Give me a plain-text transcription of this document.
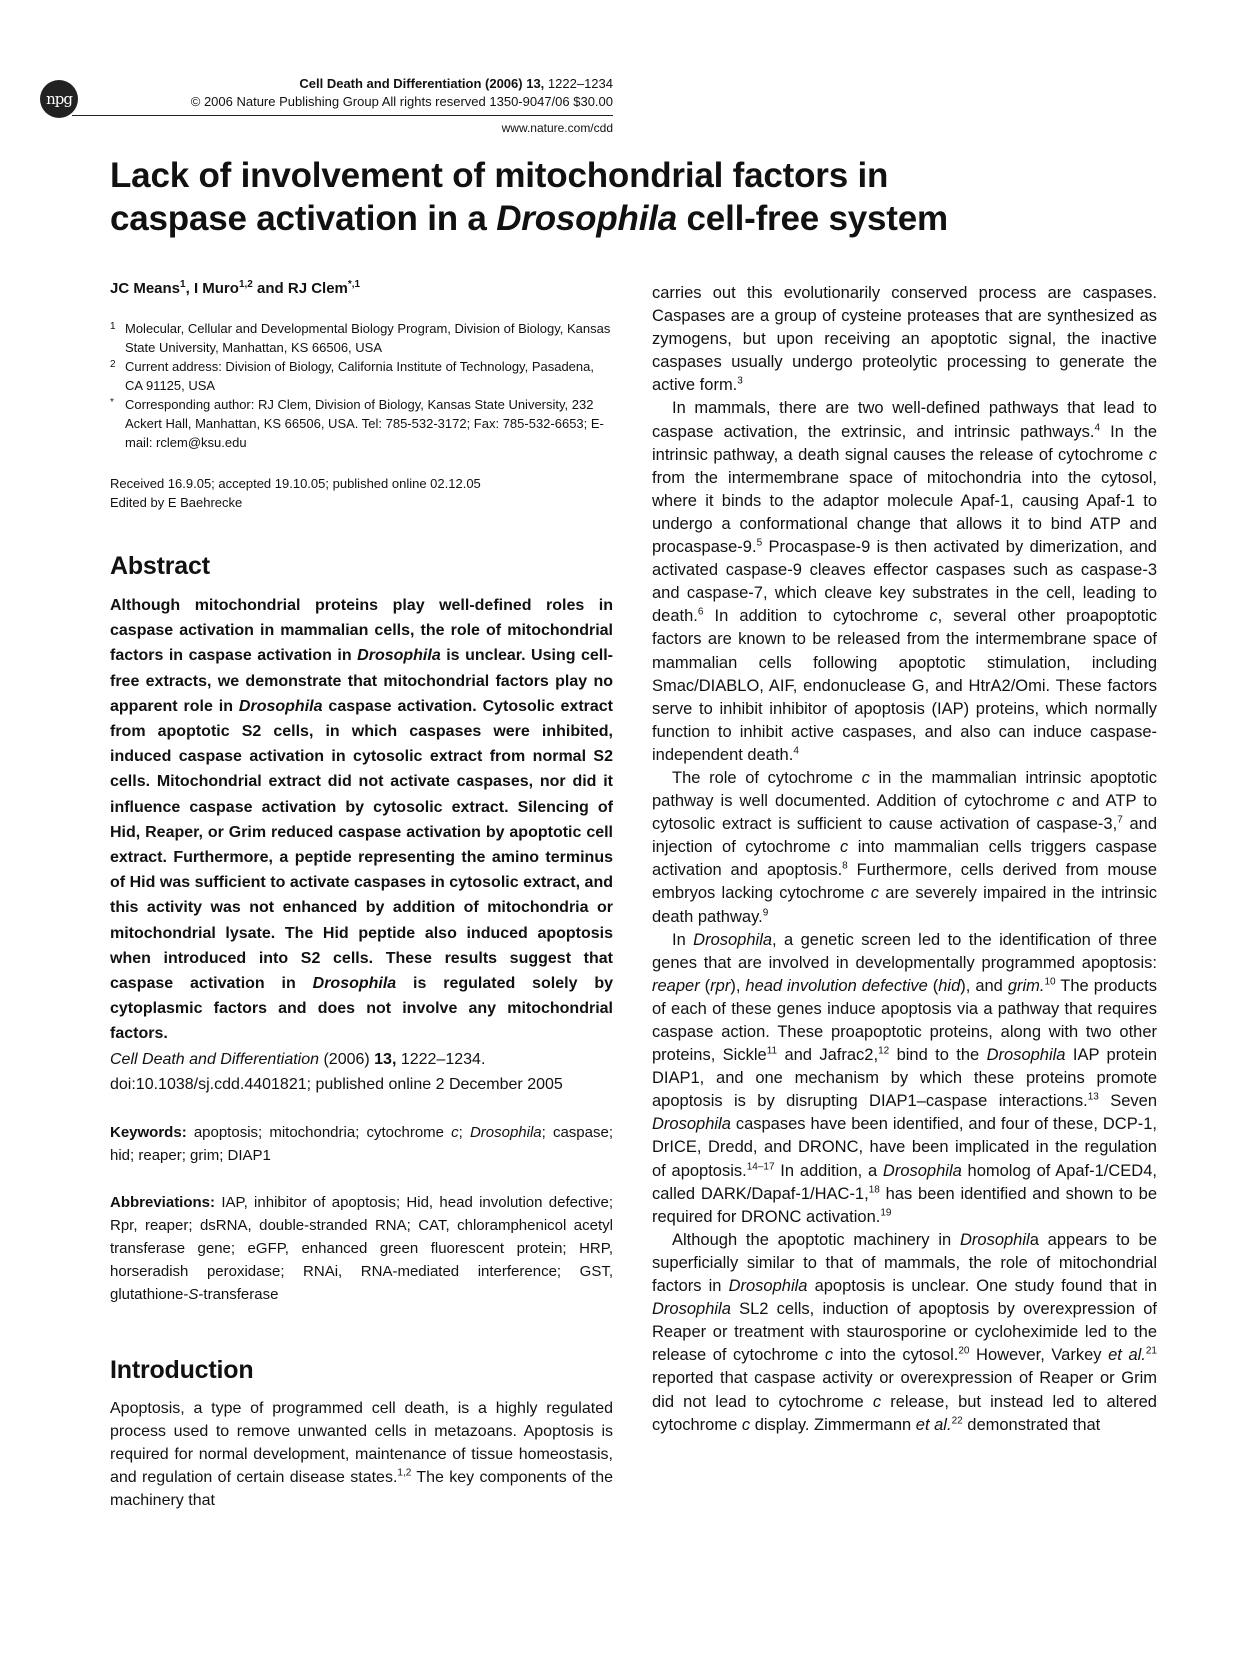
npg
Cell Death and Differentiation (2006) 13, 1222–1234
© 2006 Nature Publishing Group All rights reserved 1350-9047/06 $30.00
www.nature.com/cdd
Lack of involvement of mitochondrial factors in
caspase activation in a Drosophila cell-free system
JC Means$^1$, I Muro$^{1,2}$ and RJ Clem$^{*,1}$
1 Molecular, Cellular and Developmental Biology Program, Division of Biology, Kansas State University, Manhattan, KS 66506, USA
2 Current address: Division of Biology, California Institute of Technology, Pasadena, CA 91125, USA
* Corresponding author: RJ Clem, Division of Biology, Kansas State University, 232 Ackert Hall, Manhattan, KS 66506, USA. Tel: 785-532-3172; Fax: 785-532-6653; E-mail: rclem@ksu.edu
Received 16.9.05; accepted 19.10.05; published online 02.12.05
Edited by E Baehrecke
Abstract
Although mitochondrial proteins play well-defined roles in caspase activation in mammalian cells, the role of mitochondrial factors in caspase activation in Drosophila is unclear. Using cell-free extracts, we demonstrate that mitochondrial factors play no apparent role in Drosophila caspase activation. Cytosolic extract from apoptotic S2 cells, in which caspases were inhibited, induced caspase activation in cytosolic extract from normal S2 cells. Mitochondrial extract did not activate caspases, nor did it influence caspase activation by cytosolic extract. Silencing of Hid, Reaper, or Grim reduced caspase activation by apoptotic cell extract. Furthermore, a peptide representing the amino terminus of Hid was sufficient to activate caspases in cytosolic extract, and this activity was not enhanced by addition of mitochondria or mitochondrial lysate. The Hid peptide also induced apoptosis when introduced into S2 cells. These results suggest that caspase activation in Drosophila is regulated solely by cytoplasmic factors and does not involve any mitochondrial factors.
Cell Death and Differentiation (2006) 13, 1222–1234.
doi:10.1038/sj.cdd.4401821; published online 2 December 2005
Keywords: apoptosis; mitochondria; cytochrome c; Drosophila; caspase; hid; reaper; grim; DIAP1
Abbreviations: IAP, inhibitor of apoptosis; Hid, head involution defective; Rpr, reaper; dsRNA, double-stranded RNA; CAT, chloramphenicol acetyl transferase gene; eGFP, enhanced green fluorescent protein; HRP, horseradish peroxidase; RNAi, RNA-mediated interference; GST, glutathione-S-transferase
Introduction
Apoptosis, a type of programmed cell death, is a highly regulated process used to remove unwanted cells in metazoans. Apoptosis is required for normal development, maintenance of tissue homeostasis, and regulation of certain disease states.$^{1,2}$ The key components of the machinery that

carries out this evolutionarily conserved process are caspases. Caspases are a group of cysteine proteases that are synthesized as zymogens, but upon receiving an apoptotic signal, the inactive caspases usually undergo proteolytic processing to generate the active form.$^3$

In mammals, there are two well-defined pathways that lead to caspase activation, the extrinsic, and intrinsic pathways.$^4$ In the intrinsic pathway, a death signal causes the release of cytochrome c from the intermembrane space of mitochondria into the cytosol, where it binds to the adaptor molecule Apaf-1, causing Apaf-1 to undergo a conformational change that allows it to bind ATP and procaspase-9.$^5$ Procaspase-9 is then activated by dimerization, and activated caspase-9 cleaves effector caspases such as caspase-3 and caspase-7, which cleave key substrates in the cell, leading to death.$^6$ In addition to cytochrome c, several other proapoptotic factors are known to be released from the intermembrane space of mammalian cells following apoptotic stimulation, including Smac/DIABLO, AIF, endonuclease G, and HtrA2/Omi. These factors serve to inhibit inhibitor of apoptosis (IAP) proteins, which normally function to inhibit active caspases, and also can induce caspase-independent death.$^4$

The role of cytochrome c in the mammalian intrinsic apoptotic pathway is well documented. Addition of cytochrome c and ATP to cytosolic extract is sufficient to cause activation of caspase-3,$^7$ and injection of cytochrome c into mammalian cells triggers caspase activation and apoptosis.$^8$ Furthermore, cells derived from mouse embryos lacking cytochrome c are severely impaired in the intrinsic death pathway.$^9$

In Drosophila, a genetic screen led to the identification of three genes that are involved in developmentally programmed apoptosis: reaper (rpr), head involution defective (hid), and grim.$^{10}$ The products of each of these genes induce apoptosis via a pathway that requires caspase action. These proapoptotic proteins, along with two other proteins, Sickle$^{11}$ and Jafrac2,12 bind to the Drosophila IAP protein DIAP1, and one mechanism by which these proteins promote apoptosis is by disrupting DIAP1–caspase interactions.$^{13}$ Seven Drosophila caspases have been identified, and four of these, DCP-1, DrICE, Dredd, and DRONC, have been implicated in the regulation of apoptosis.$^{14-17}$ In addition, a Drosophila homolog of Apaf-1/CED4, called DARK/Dapaf-1/HAC-1,18 has been identified and shown to be required for DRONC activation.$^{19}$

Although the apoptotic machinery in Drosophila appears to be superficially similar to that of mammals, the role of mitochondrial factors in Drosophila apoptosis is unclear. One study found that in Drosophila SL2 cells, induction of apoptosis by overexpression of Reaper or treatment with staurosporine or cycloheximide led to the release of cytochrome c into the cytosol.$^{20}$ However, Varkey et al.$^{21}$ reported that caspase activity or overexpression of Reaper or Grim did not lead to cytochrome c release, but instead led to altered cytochrome c display. Zimmermann et al.$^{22}$ demonstrated that
